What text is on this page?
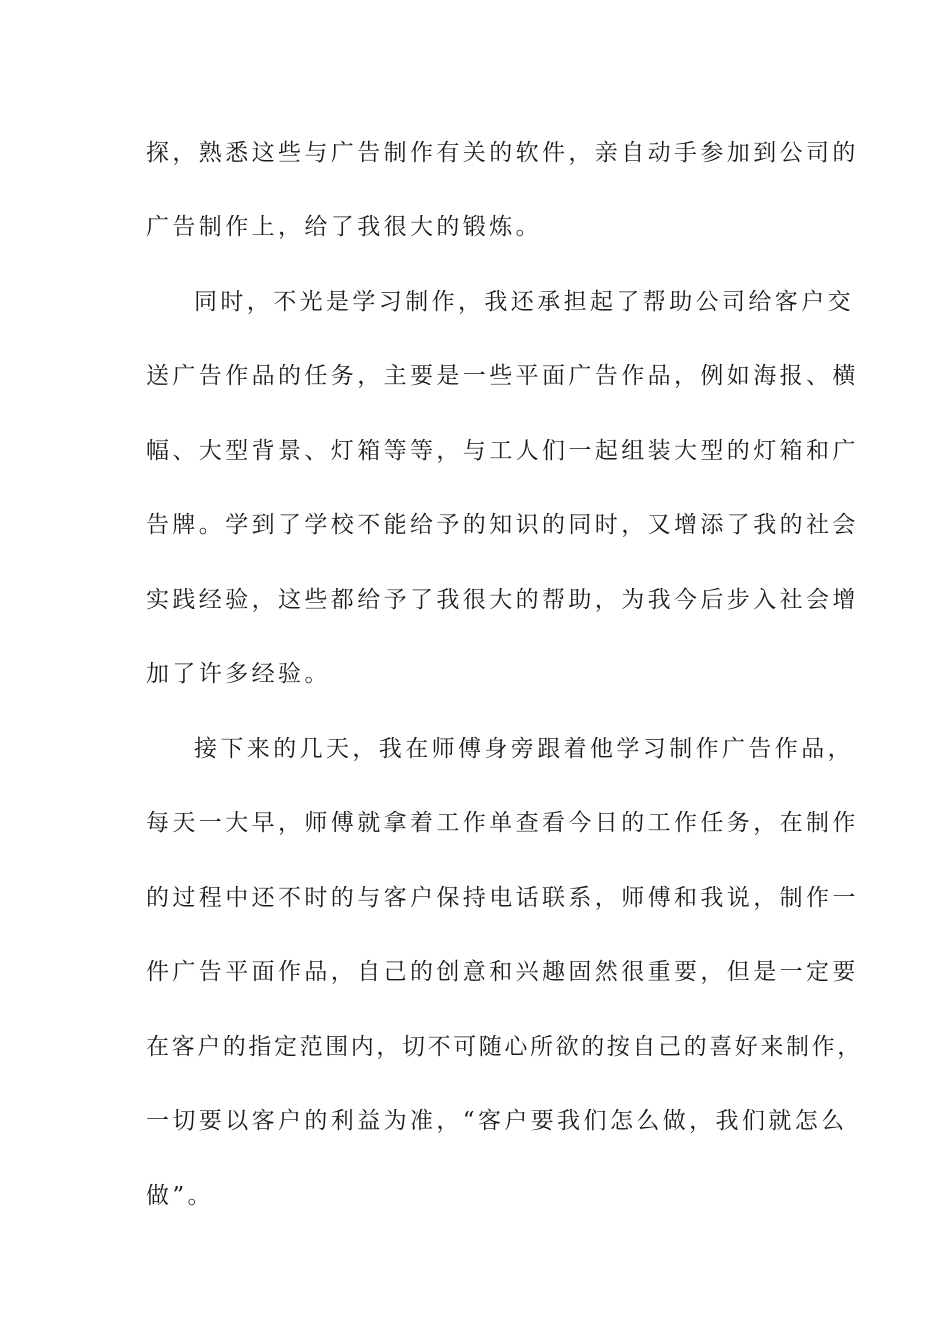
探，熟悉这些与广告制作有关的软件，亲自动手参加到公司的
广告制作上，给了我很大的锻炼。
同时，不光是学习制作，我还承担起了帮助公司给客户交
送广告作品的任务，主要是一些平面广告作品，例如海报、横
幅、大型背景、灯箱等等，与工人们一起组装大型的灯箱和广
告牌。学到了学校不能给予的知识的同时，又增添了我的社会
实践经验，这些都给予了我很大的帮助，为我今后步入社会增
加了许多经验。
接下来的几天，我在师傅身旁跟着他学习制作广告作品，
每天一大早，师傅就拿着工作单查看今日的工作任务，在制作
的过程中还不时的与客户保持电话联系，师傅和我说，制作一
件广告平面作品，自己的创意和兴趣固然很重要，但是一定要
在客户的指定范围内，切不可随心所欲的按自己的喜好来制作，
一切要以客户的利益为准，“客户要我们怎么做，我们就怎么
做”。
